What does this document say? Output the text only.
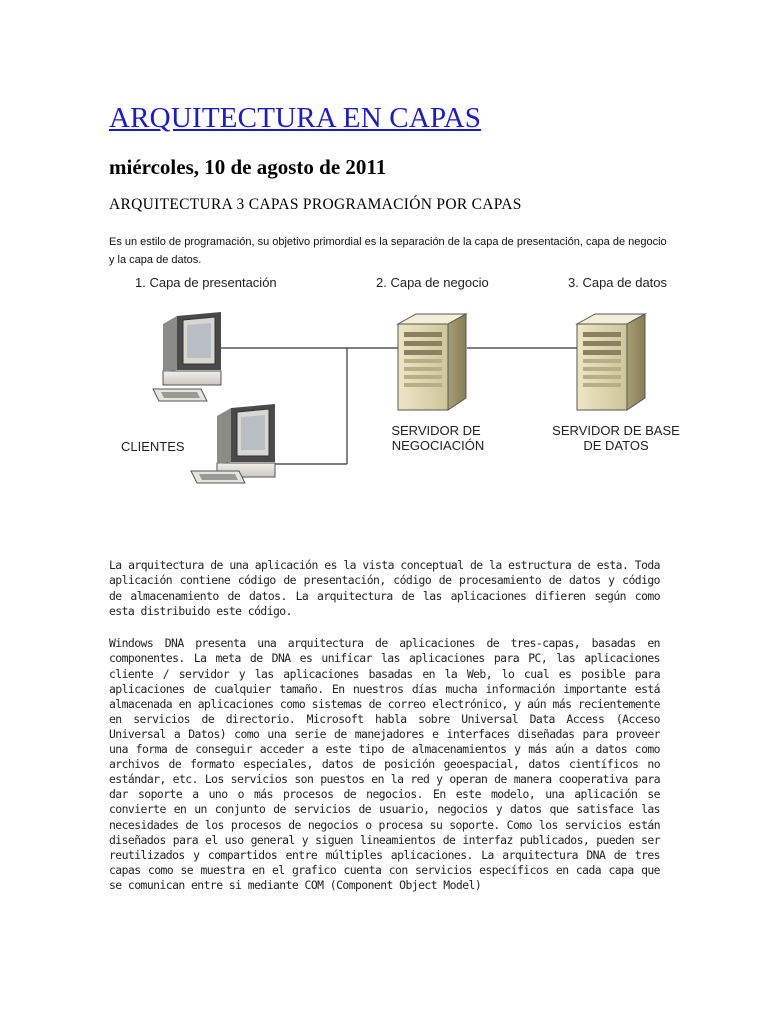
ARQUITECTURA EN CAPAS
miércoles, 10 de agosto de 2011
ARQUITECTURA 3 CAPAS PROGRAMACIÓN POR CAPAS
Es un estilo de programación, su objetivo primordial es la separación de la capa de presentación, capa de negocio y la capa de datos.
1. Capa de presentación	2. Capa de negocio	3. Capa de datos
CLIENTES
SERVIDOR DE
NEGOCIACIÓN
SERVIDOR DE BASE
DE DATOS

La arquitectura de una aplicación es la vista conceptual de la estructura de esta. Toda aplicación contiene código de presentación, código de procesamiento de datos y código de almacenamiento de datos. La arquitectura de las aplicaciones difieren según como esta distribuido este código.

Windows DNA presenta una arquitectura de aplicaciones de tres-capas, basadas en componentes. La meta de DNA es unificar las aplicaciones para PC, las aplicaciones cliente / servidor y las aplicaciones basadas en la Web, lo cual es posible para aplicaciones de cualquier tamaño. En nuestros días mucha información importante está almacenada en aplicaciones como sistemas de correo electrónico, y aún más recientemente en servicios de directorio. Microsoft habla sobre Universal Data Access (Acceso Universal a Datos) como una serie de manejadores e interfaces diseñadas para proveer una forma de conseguir acceder a este tipo de almacenamientos y más aún a datos como archivos de formato especiales, datos de posición geoespacial, datos científicos no estándar, etc. Los servicios son puestos en la red y operan de manera cooperativa para dar soporte a uno o más procesos de negocios. En este modelo, una aplicación se convierte en un conjunto de servicios de usuario, negocios y datos que satisface las necesidades de los procesos de negocios o procesa su soporte. Como los servicios están diseñados para el uso general y siguen lineamientos de interfaz publicados, pueden ser reutilizados y compartidos entre múltiples aplicaciones. La arquitectura DNA de tres capas como se muestra en el grafico cuenta con servicios específicos en cada capa que se comunican entre si mediante COM (Component Object Model)
